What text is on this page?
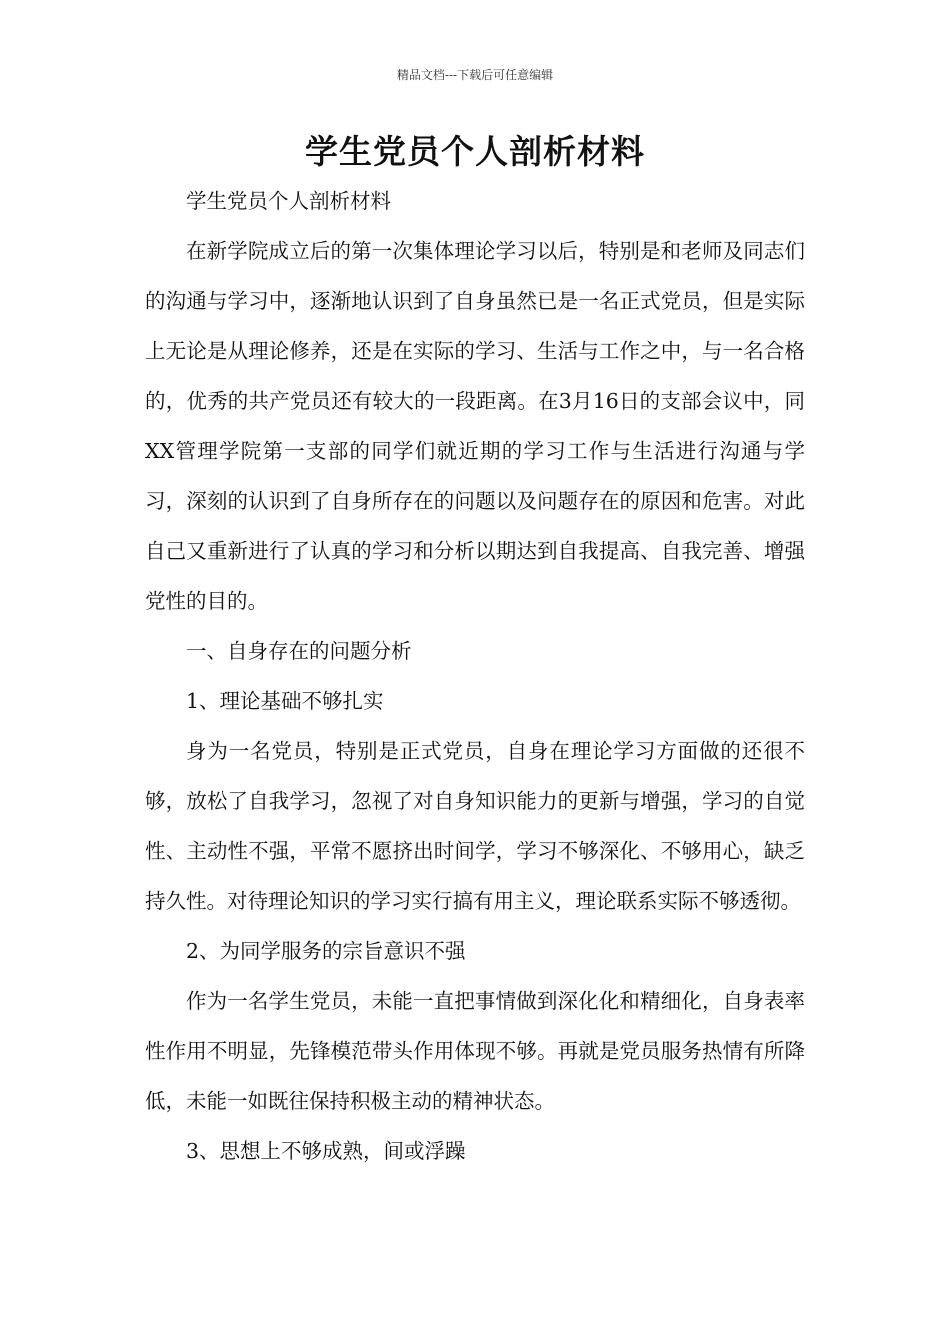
精品文档---下载后可任意编辑
学生党员个人剖析材料

学生党员个人剖析材料

在新学院成立后的第一次集体理论学习以后，特别是和老师及同志们的沟通与学习中，逐渐地认识到了自身虽然已是一名正式党员，但是实际上无论是从理论修养，还是在实际的学习、生活与工作之中，与一名合格的，优秀的共产党员还有较大的一段距离。在3月16日的支部会议中，同XX管理学院第一支部的同学们就近期的学习工作与生活进行沟通与学习，深刻的认识到了自身所存在的问题以及问题存在的原因和危害。对此自己又重新进行了认真的学习和分析以期达到自我提高、自我完善、增强党性的目的。

一、自身存在的问题分析

1、理论基础不够扎实

身为一名党员，特别是正式党员，自身在理论学习方面做的还很不够，放松了自我学习，忽视了对自身知识能力的更新与增强，学习的自觉性、主动性不强，平常不愿挤出时间学，学习不够深化、不够用心，缺乏持久性。对待理论知识的学习实行搞有用主义，理论联系实际不够透彻。

2、为同学服务的宗旨意识不强

作为一名学生党员，未能一直把事情做到深化化和精细化，自身表率性作用不明显，先锋模范带头作用体现不够。再就是党员服务热情有所降低，未能一如既往保持积极主动的精神状态。

3、思想上不够成熟，间或浮躁
